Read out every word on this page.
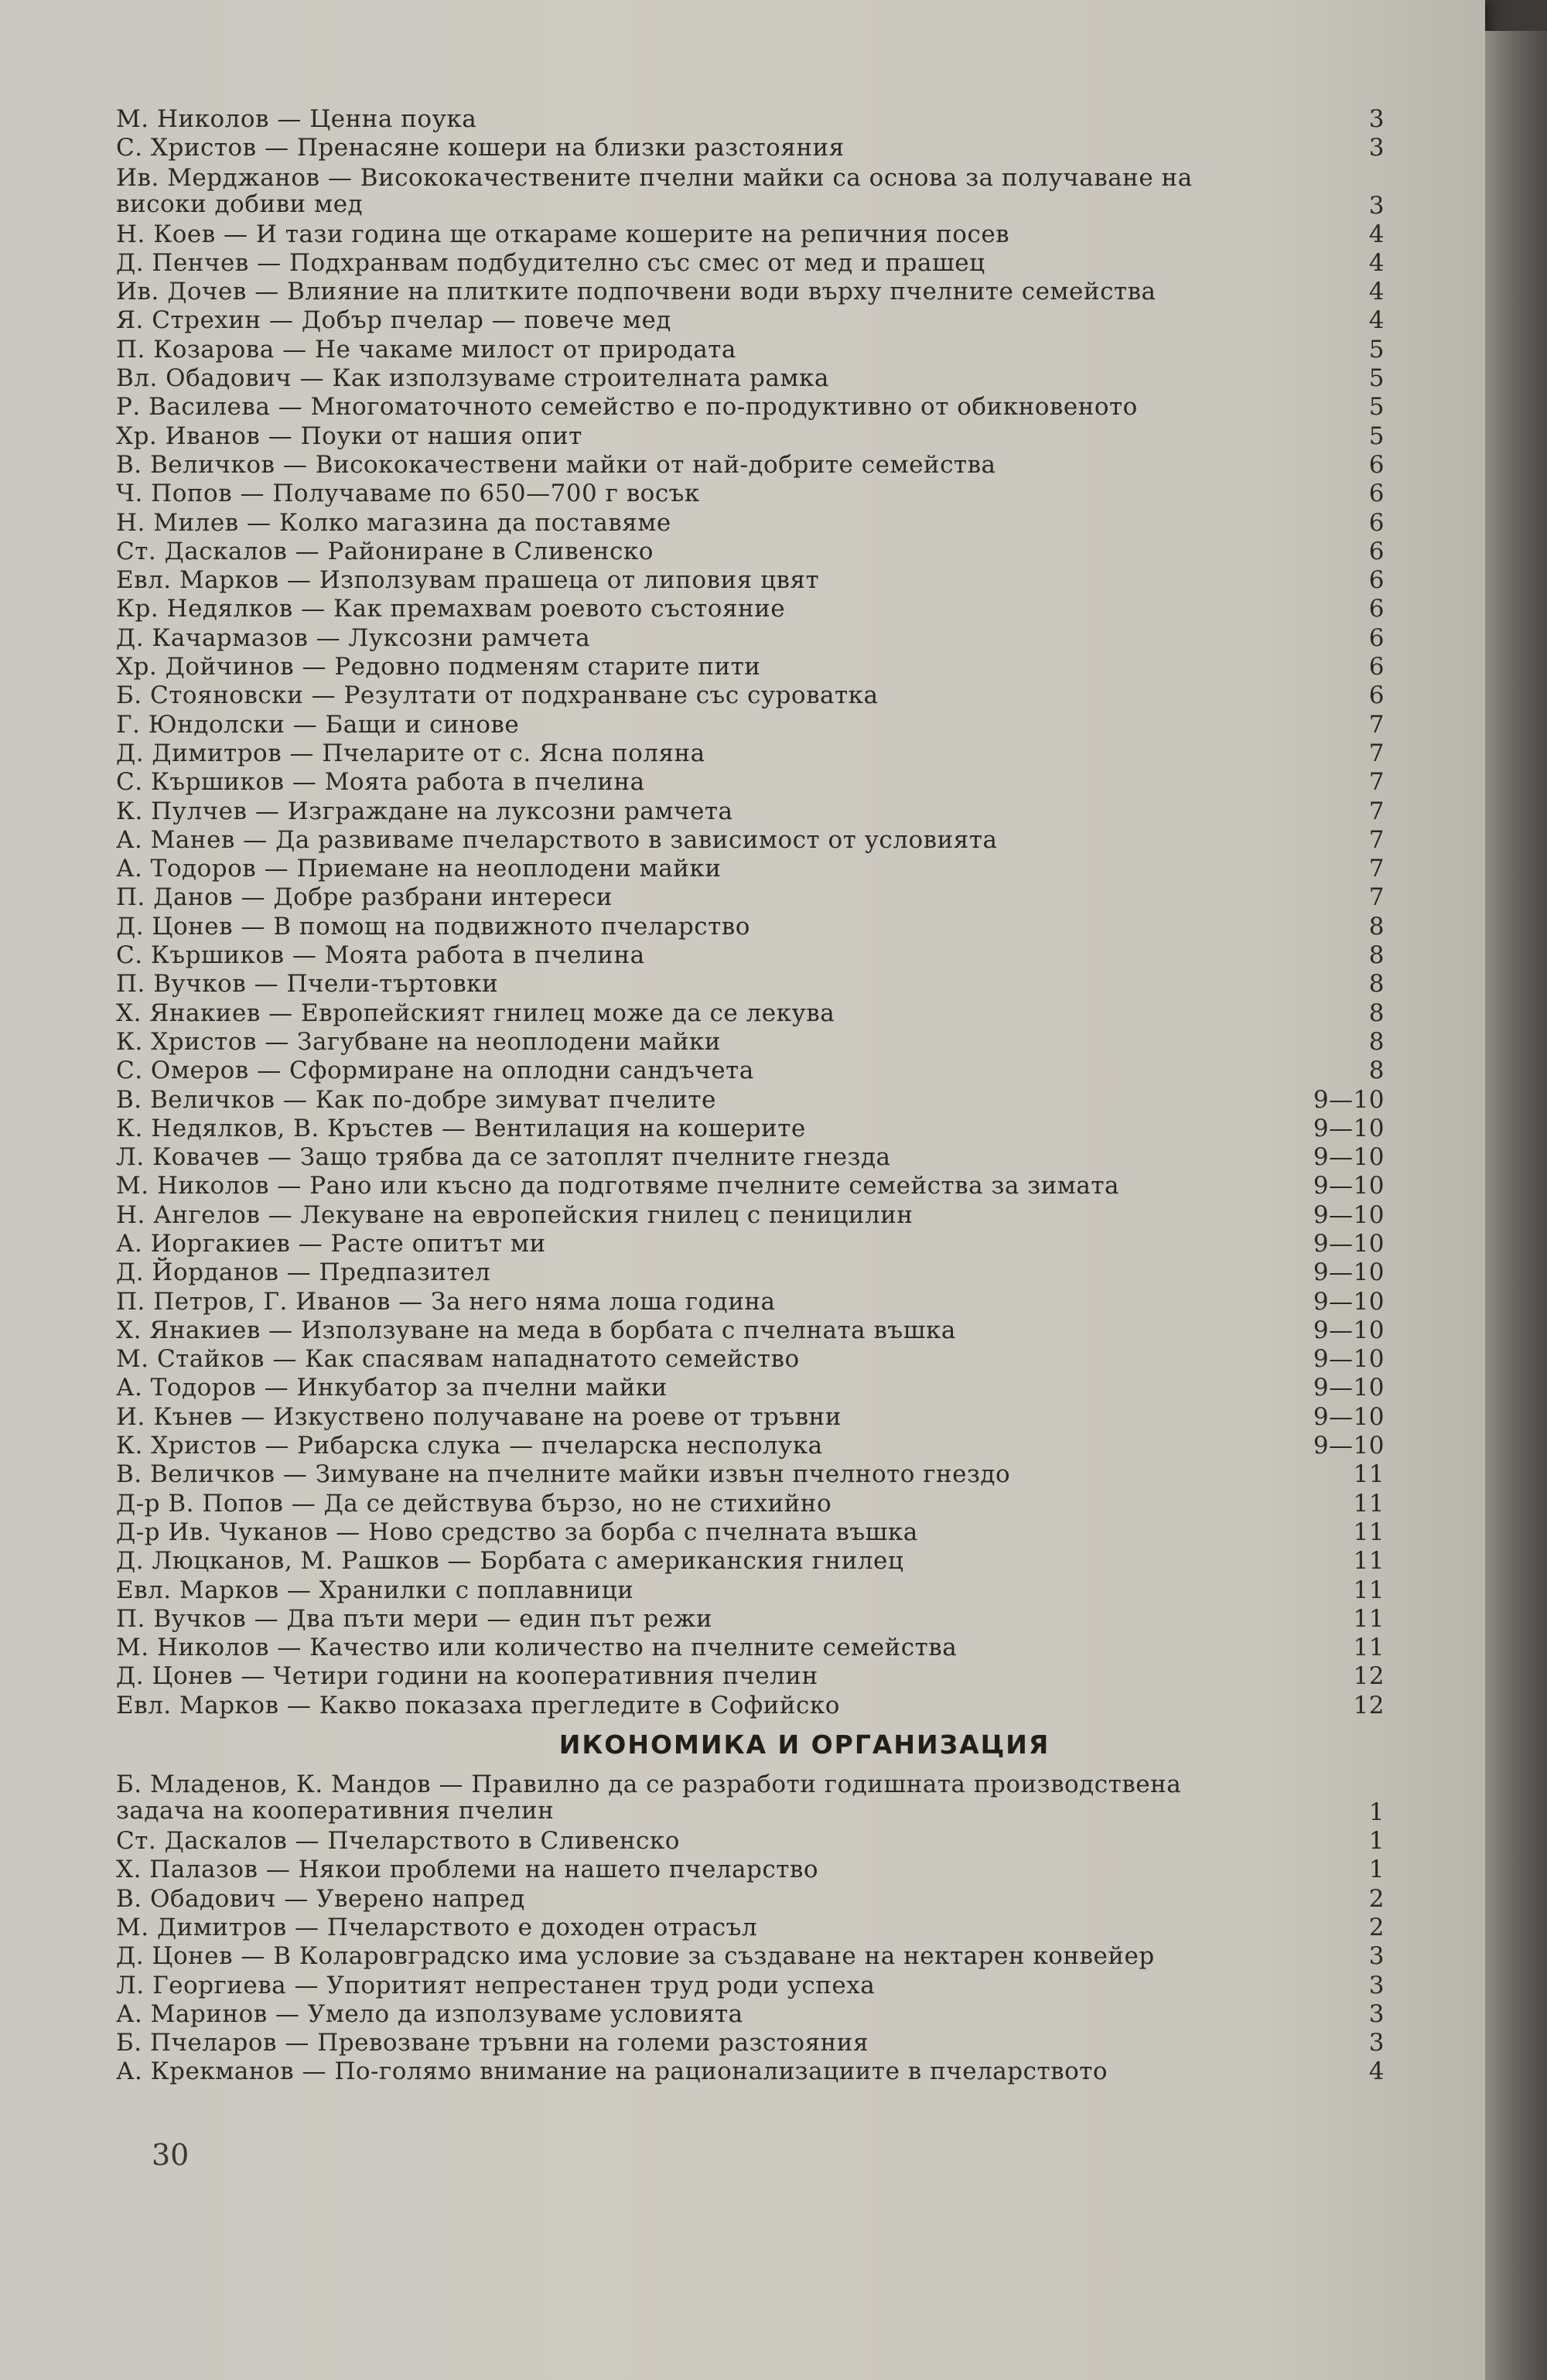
М. Николов — Ценна поука	3
С. Христов — Пренасяне кошери на близки разстояния	3
Ив. Мерджанов — Висококачествените пчелни майки са основа за получаване на високи добиви мед	3
Н. Коев — И тази година ще откараме кошерите на репичния посев	4
Д. Пенчев — Подхранвам подбудително със смес от мед и прашец	4
Ив. Дочев — Влияние на плитките подпочвени води върху пчелните семейства	4
Я. Стрехин — Добър пчелар — повече мед	4
П. Козарова — Не чакаме милост от природата	5
Вл. Обадович — Как използуваме строителната рамка	5
Р. Василева — Многоматочното семейство е по-продуктивно от обикновеното	5
Хр. Иванов — Поуки от нашия опит	5
В. Величков — Висококачествени майки от най-добрите семейства	6
Ч. Попов — Получаваме по 650—700 г восък	6
Н. Милев — Колко магазина да поставяме	6
Ст. Даскалов — Райониране в Сливенско	6
Евл. Марков — Използувам прашеца от липовия цвят	6
Кр. Недялков — Как премахвам роевото състояние	6
Д. Качармазов — Луксозни рамчета	6
Хр. Дойчинов — Редовно подменям старите пити	6
Б. Стояновски — Резултати от подхранване със суроватка	6
Г. Юндолски — Бащи и синове	7
Д. Димитров — Пчеларите от с. Ясна поляна	7
С. Кършиков — Моята работа в пчелина	7
К. Пулчев — Изграждане на луксозни рамчета	7
А. Манев — Да развиваме пчеларството в зависимост от условията	7
А. Тодоров — Приемане на неоплодени майки	7
П. Данов — Добре разбрани интереси	7
Д. Цонев — В помощ на подвижното пчеларство	8
С. Кършиков — Моята работа в пчелина	8
П. Вучков — Пчели-търтовки	8
Х. Янакиев — Европейският гнилец може да се лекува	8
К. Христов — Загубване на неоплодени майки	8
С. Омеров — Сформиране на оплодни сандъчета	8
В. Величков — Как по-добре зимуват пчелите	9—10
К. Недялков, В. Кръстев — Вентилация на кошерите	9—10
Л. Ковачев — Защо трябва да се затоплят пчелните гнезда	9—10
М. Николов — Рано или късно да подготвяме пчелните семейства за зимата	9—10
Н. Ангелов — Лекуване на европейския гнилец с пеницилин	9—10
А. Иоргакиев — Расте опитът ми	9—10
Д. Йорданов — Предпазител	9—10
П. Петров, Г. Иванов — За него няма лоша година	9—10
Х. Янакиев — Използуване на меда в борбата с пчелната въшка	9—10
М. Стайков — Как спасявам нападнатото семейство	9—10
А. Тодоров — Инкубатор за пчелни майки	9—10
И. Кънев — Изкуствено получаване на роеве от тръвни	9—10
К. Христов — Рибарска слука — пчеларска несполука	9—10
В. Величков — Зимуване на пчелните майки извън пчелното гнездо	11
Д-р В. Попов — Да се действува бързо, но не стихийно	11
Д-р Ив. Чуканов — Ново средство за борба с пчелната въшка	11
Д. Люцканов, М. Рашков — Борбата с американския гнилец	11
Евл. Марков — Хранилки с поплавници	11
П. Вучков — Два пъти мери — един път режи	11
М. Николов — Качество или количество на пчелните семейства	11
Д. Цонев — Четири години на кооперативния пчелин	12
Евл. Марков — Какво показаха прегледите в Софийско	12
ИКОНОМИКА И ОРГАНИЗАЦИЯ
Б. Младенов, К. Мандов — Правилно да се разработи годишната производствена задача на кооперативния пчелин	1
Ст. Даскалов — Пчеларството в Сливенско	1
Х. Палазов — Някои проблеми на нашето пчеларство	1
В. Обадович — Уверено напред	2
М. Димитров — Пчеларството е доходен отрасъл	2
Д. Цонев — В Коларовградско има условие за създаване на нектарен конвейер	3
Л. Георгиева — Упоритият непрестанен труд роди успеха	3
А. Маринов — Умело да използуваме условията	3
Б. Пчеларов — Превозване тръвни на големи разстояния	3
А. Крекманов — По-голямо внимание на рационализациите в пчеларството	4
30
